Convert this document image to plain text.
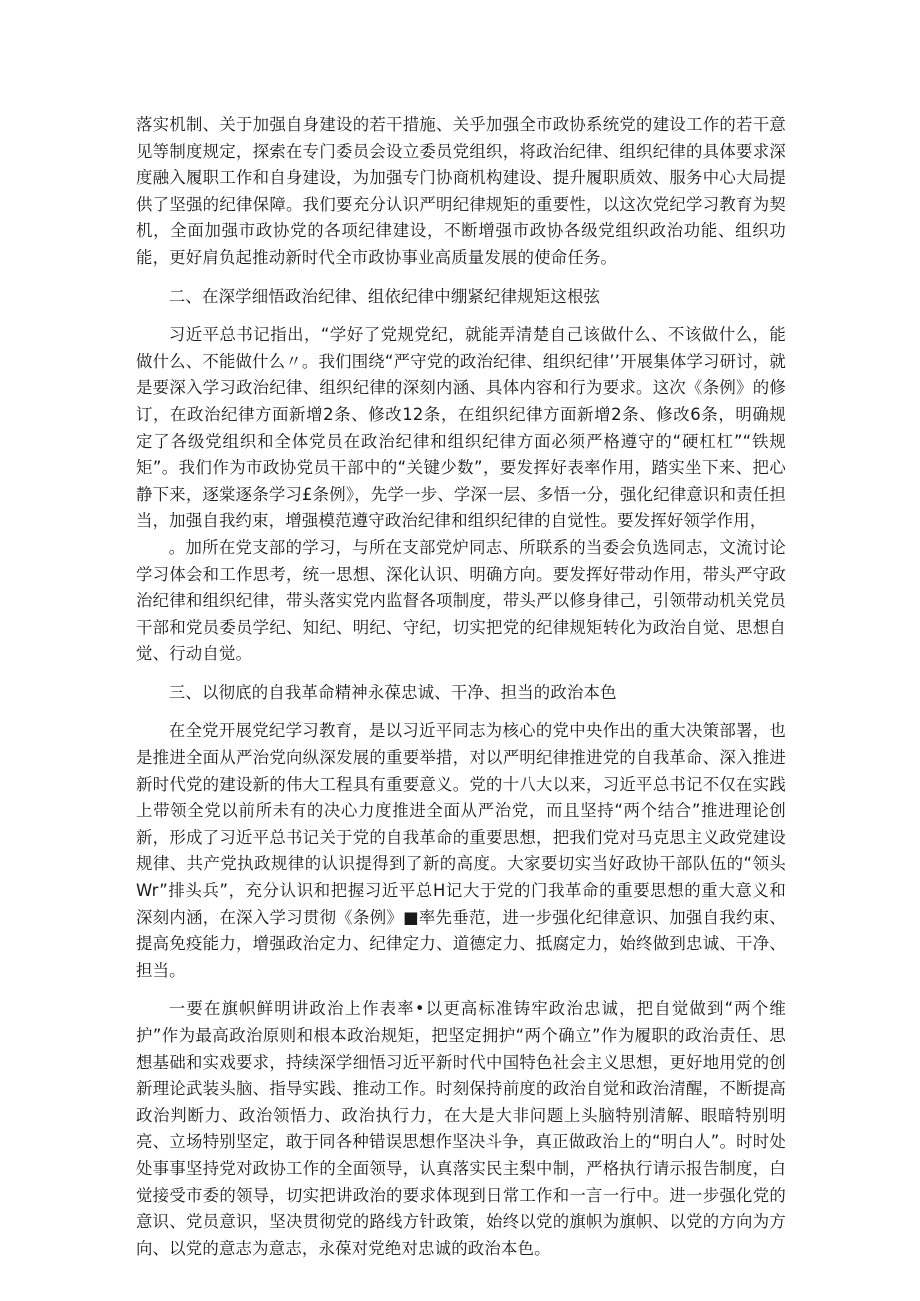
落实机制、关于加强自身建设的若干措施、关乎加强全市政协系统党的建设工作的若干意见等制度规定，探索在专门委员会设立委员党组织，将政治纪律、组织纪律的具体要求深度融入履职工作和自身建设，为加强专门协商机构建设、提升履职质效、服务中心大局提供了坚强的纪律保障。我们要充分认识严明纪律规矩的重要性，以这次党纪学习教育为契机，全面加强市政协党的各项纪律建设，不断增强市政协各级党组织政治功能、组织功能，更好肩负起推动新时代全市政协事业高质量发展的使命任务。

二、在深学细悟政治纪律、组依纪律中绷紧纪律规矩这根弦

习近平总书记指出，“学好了党规党纪，就能弄清楚自己该做什么、不该做什么，能做什么、不能做什么〃。我们围绕“严守党的政治纪律、组织纪律’’开展集体学习研讨，就是要深入学习政治纪律、组织纪律的深刻内涵、具体内容和行为要求。这次《条例》的修订，在政治纪律方面新增2条、修改12条，在组织纪律方面新增2条、修改6条，明确规定了各级党组织和全体党员在政治纪律和组织纪律方面必须严格遵守的“硬杠杠”“铁规矩”。我们作为市政协党员干部中的“关键少数”，要发挥好表率作用，踏实坐下来、把心静下来，逐棠逐条学习£条例》，先学一步、学深一层、多悟一分，强化纪律意识和责任担当，加强自我约束，增强模范遵守政治纪律和组织纪律的自觉性。要发挥好领学作用，

。加所在党支部的学习，与所在支部党炉同志、所联系的当委会负选同志，文流讨论学习体会和工作思考，统一思想、深化认识、明确方向。要发挥好带动作用，带头严守政治纪律和组织纪律，带头落实党内监督各项制度，带头严以修身律己，引领带动机关党员干部和党员委员学纪、知纪、明纪、守纪，切实把党的纪律规矩转化为政治自觉、思想自觉、行动自觉。

三、以彻底的自我革命精神永葆忠诚、干净、担当的政治本色

在全党开展党纪学习教育，是以习近平同志为核心的党中央作出的重大决策部署，也是推进全面从严治党向纵深发展的重要举措，对以严明纪律推进党的自我革命、深入推进新时代党的建设新的伟大工程具有重要意义。党的十八大以来，习近平总书记不仅在实践上带领全党以前所未有的决心力度推进全面从严治党，而且坚持“两个结合”推进理论创新，形成了习近平总书记关于党的自我革命的重要思想，把我们党对马克思主义政党建设规律、共产党执政规律的认识提得到了新的高度。大家要切实当好政协干部队伍的“领头Wr”排头兵”，充分认识和把握习近平总H记大于党的门我革命的重要思想的重大意义和深刻内涵，在深入学习贯彻《条例》■率先垂范，进一步强化纪律意识、加强自我约束、提高免疫能力，增强政治定力、纪律定力、道德定力、抵腐定力，始终做到忠诚、干净、担当。

一要在旗帜鲜明讲政治上作表率•以更高标准铸牢政治忠诚，把自觉做到“两个维护”作为最高政治原则和根本政治规矩，把坚定拥护“两个确立”作为履职的政治责任、思想基础和实戏要求，持续深学细悟习近平新时代中国特色社会主义思想，更好地用党的创新理论武装头脑、指导实践、推动工作。时刻保持前度的政治自觉和政治清醒，不断提高政治判断力、政治领悟力、政治执行力，在大是大非问题上头脑特别清解、眼暗特别明亮、立场特别坚定，敢于同各种错误思想作坚决斗争，真正做政治上的“明白人”。时时处处事事坚持党对政协工作的全面领导，认真落实民主梨中制，严格执行请示报告制度，白觉接受市委的领导，切实把讲政治的要求体现到日常工作和一言一行中。进一步强化党的意识、党员意识，坚决贯彻党的路线方针政策，始终以党的旗帜为旗帜、以党的方向为方向、以党的意志为意志，永葆对党绝对忠诚的政治本色。
